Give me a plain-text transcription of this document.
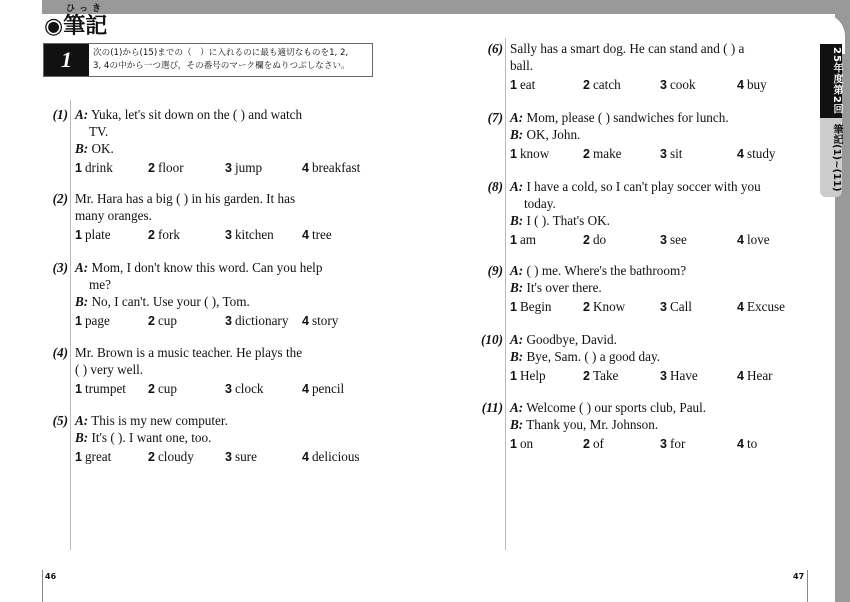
ひっき
◉筆記
1	次の(1)から(15)までの（　）に入れるのに最も適切なものを1, 2,
3, 4の中から一つ選び，その番号のマーク欄をぬりつぶしなさい。
(1) A: Yuka, let's sit down on the ( ) and watch
TV.
B: OK.
1 drink	2 floor	3 jump	4 breakfast
(2) Mr. Hara has a big ( ) in his garden. It has
many oranges.
1 plate	2 fork	3 kitchen 4 tree
(3) A: Mom, I don't know this word. Can you help
me?
B: No, I can't. Use your ( ), Tom.
1 page	2 cup	3 dictionary 4 story
(4) Mr. Brown is a music teacher. He plays the
( ) very well.
1 trumpet 2 cup	3 clock	4 pencil
(5) A: This is my new computer.
B: It's ( ). I want one, too.
1 great	2 cloudy 3 sure	4 delicious
(6) Sally has a smart dog. He can stand and ( ) a
ball.
1 eat	2 catch	3 cook	4 buy
(7) A: Mom, please ( ) sandwiches for lunch.
B: OK, John.
1 know	2 make	3 sit	4 study
(8) A: I have a cold, so I can't play soccer with you
today.
B: I ( ). That's OK.
1 am	2 do	3 see	4 love
(9) A: ( ) me. Where's the bathroom?
B: It's over there.
1 Begin	2 Know	3 Call	4 Excuse
(10) A: Goodbye, David.
B: Bye, Sam. ( ) a good day.
1 Help	2 Take	3 Have	4 Hear
(11) A: Welcome ( ) our sports club, Paul.
B: Thank you, Mr. Johnson.
1 on	2 of	3 for	4 to
25年度第2回
筆記(1)~(11)
46	47
